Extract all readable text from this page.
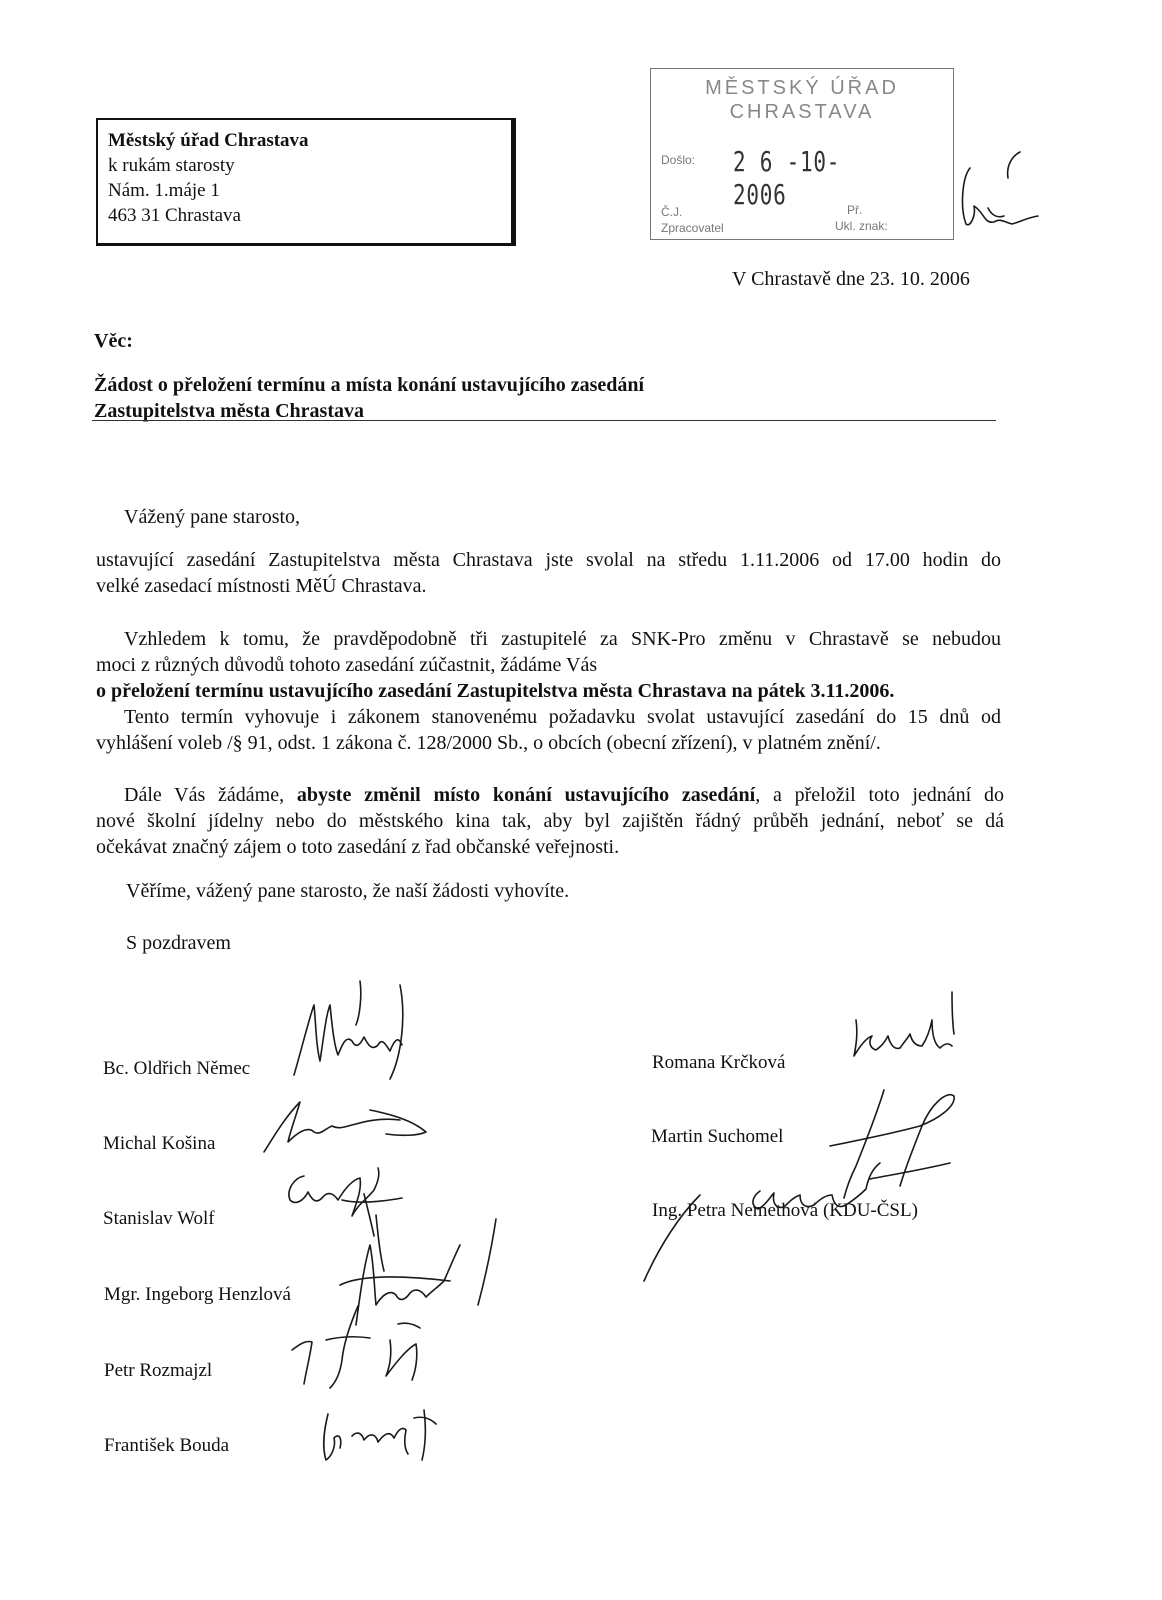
Městský úřad Chrastava
k rukám starosty
Nám. 1.máje 1
463 31 Chrastava
MĚSTSKÝ ÚŘAD
CHRASTAVA
Došlo: 2 6 -10- 2006
Č.J.
Zpracovatel
Př.
Ukl. znak:
V Chrastavě dne 23. 10. 2006
Věc:
Žádost o přeložení termínu a místa konání ustavujícího zasedání
Zastupitelstva města Chrastava
Vážený pane starosto,
ustavující zasedání Zastupitelstva města Chrastava jste svolal na středu 1.11.2006 od 17.00 hodin do
velké zasedací místnosti MěÚ Chrastava.
Vzhledem k tomu, že pravděpodobně tři zastupitelé za SNK-Pro změnu v Chrastavě se nebudou
moci z různých důvodů tohoto zasedání zúčastnit, žádáme Vás
o přeložení termínu ustavujícího zasedání Zastupitelstva města Chrastava na pátek 3.11.2006.
Tento termín vyhovuje i zákonem stanovenému požadavku svolat ustavující zasedání do 15 dnů od
vyhlášení voleb /§ 91, odst. 1 zákona č. 128/2000 Sb., o obcích (obecní zřízení), v platném znění/.
Dále Vás žádáme, abyste změnil místo konání ustavujícího zasedání, a přeložil toto jednání do
nové školní jídelny nebo do městského kina tak, aby byl zajištěn řádný průběh jednání, neboť se dá
očekávat značný zájem o toto zasedání z řad občanské veřejnosti.
Věříme, vážený pane starosto, že naší žádosti vyhovíte.
S pozdravem
Bc. Oldřich Němec
Michal Košina
Stanislav Wolf
Mgr. Ingeborg Henzlová
Petr Rozmajzl
František Bouda
Romana Krčková
Martin Suchomel
Ing. Petra Nemethová (KDU-ČSL)
